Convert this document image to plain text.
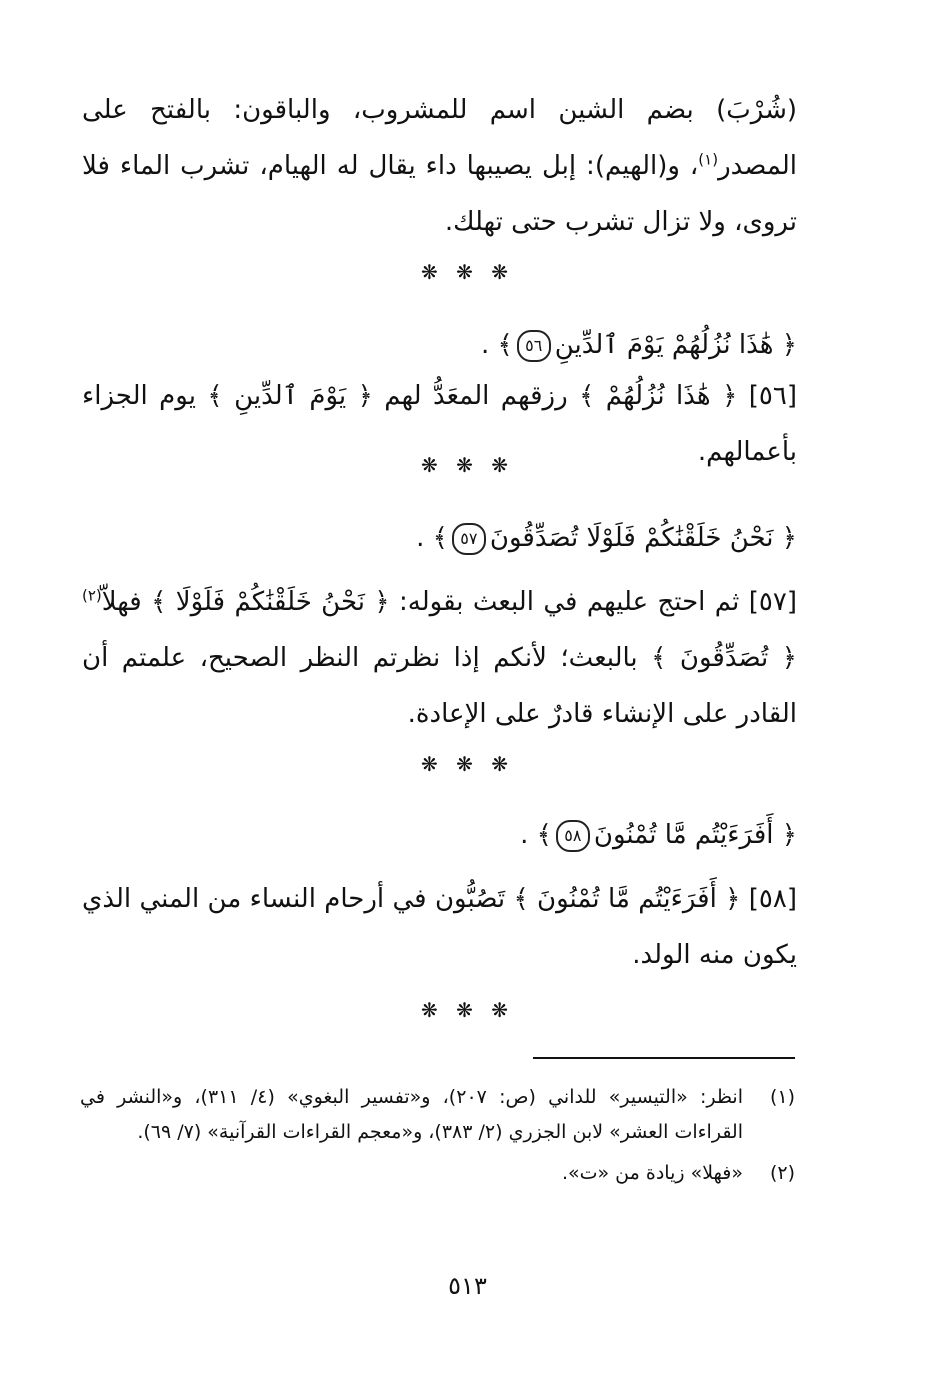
(شُرْبَ) بضم الشين اسم للمشروب، والباقون: بالفتح على المصدر$^{(١)}$، و(الهيم): إبل يصيبها داء يقال له الهيام، تشرب الماء فلا تروى، ولا تزال تشرب حتى تهلك.

❋ ❋ ❋

﴿ هَٰذَا نُزُلُهُمْ يَوْمَ ٱلدِّينِ٥٦﴾ .

[٥٦] ﴿ هَٰذَا نُزُلُهُمْ ﴾ رزقهم المعَدُّ لهم ﴿ يَوْمَ ٱلدِّينِ ﴾ يوم الجزاء بأعمالهم.

❋ ❋ ❋

﴿ نَحْنُ خَلَقْنَٰكُمْ فَلَوْلَا تُصَدِّقُونَ٥٧﴾ .

[٥٧] ثم احتج عليهم في البعث بقوله: ﴿ نَحْنُ خَلَقْنَٰكُمْ فَلَوْلَا ﴾ فهلاّ$^{(٢)}$ ﴿ تُصَدِّقُونَ ﴾ بالبعث؛ لأنكم إذا نظرتم النظر الصحيح، علمتم أن القادر على الإنشاء قادرٌ على الإعادة.

❋ ❋ ❋

﴿ أَفَرَءَيْتُم مَّا تُمْنُونَ٥٨﴾ .

[٥٨] ﴿ أَفَرَءَيْتُم مَّا تُمْنُونَ ﴾ تَصُبُّون في أرحام النساء من المني الذي يكون منه الولد.

❋ ❋ ❋
(١)
انظر: «التيسير» للداني (ص: ٢٠٧)، و«تفسير البغوي» (٤/ ٣١١)، و«النشر في القراءات العشر» لابن الجزري (٢/ ٣٨٣)، و«معجم القراءات القرآنية» (٧/ ٦٩).
(٢)
«فهلا» زيادة من «ت».
٥١٣
